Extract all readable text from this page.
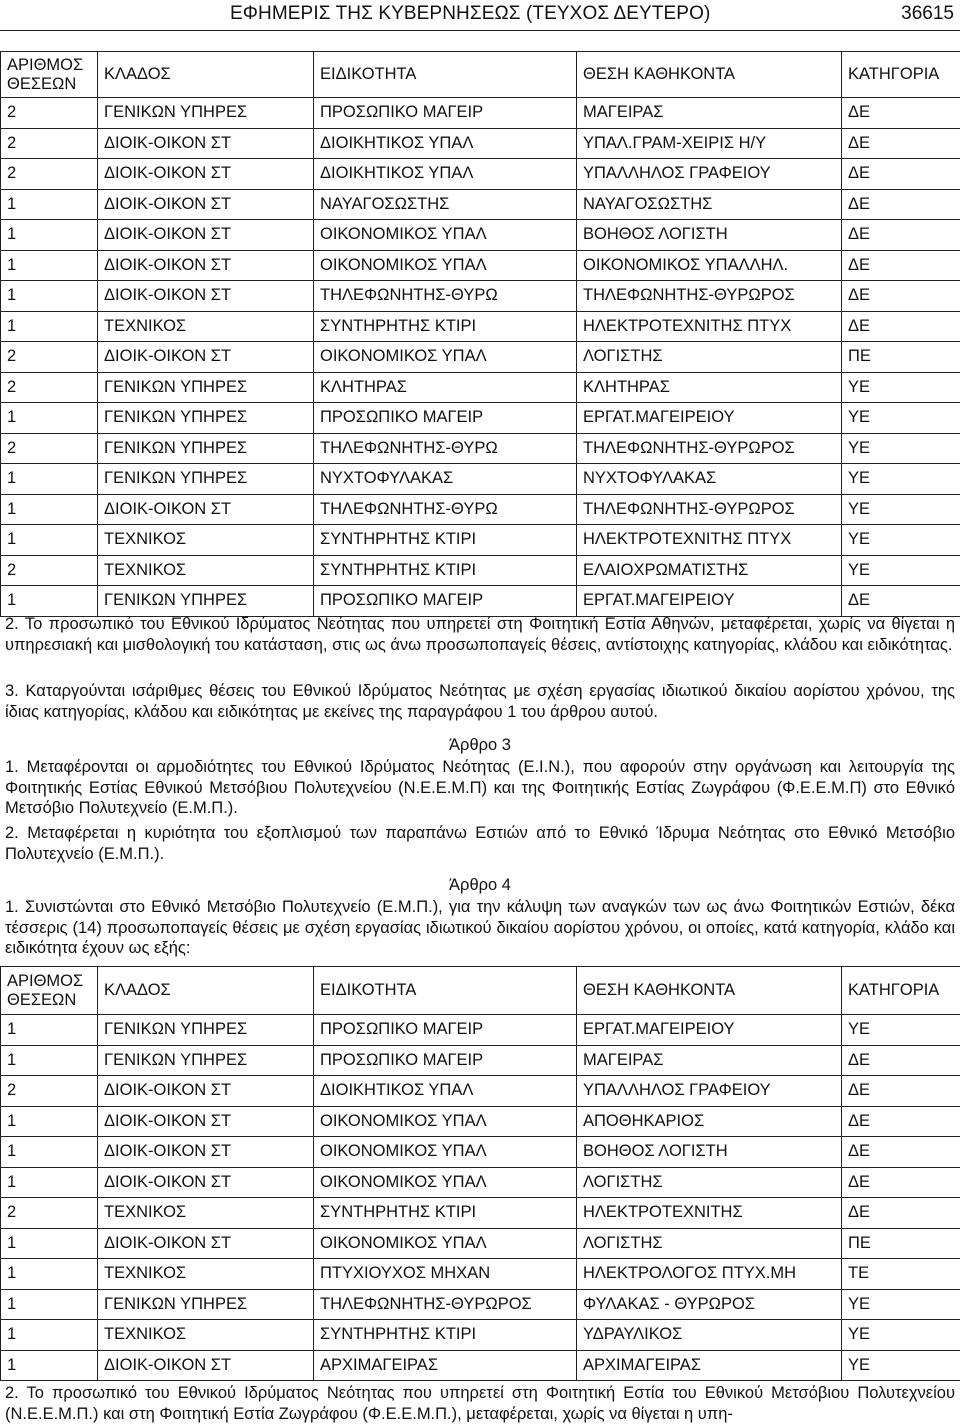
ΕΦΗΜΕΡΙΣ ΤΗΣ ΚΥΒΕΡΝΗΣΕΩΣ (ΤΕΥΧΟΣ ΔΕΥΤΕΡΟ)	36615
ΑΡΙΘΜΟΣ ΘΕΣΕΩΝ	ΚΛΑΔΟΣ	ΕΙΔΙΚΟΤΗΤΑ	ΘΕΣΗ ΚΑΘΗΚΟΝΤΑ	ΚΑΤΗΓΟΡΙΑ
2	ΓΕΝΙΚΩΝ ΥΠΗΡΕΣ	ΠΡΟΣΩΠΙΚΟ ΜΑΓΕΙΡ	ΜΑΓΕΙΡΑΣ	ΔΕ
2	ΔΙΟΙΚ-ΟΙΚΟΝ ΣΤ	ΔΙΟΙΚΗΤΙΚΟΣ ΥΠΑΛ	ΥΠΑΛ.ΓΡΑΜ-ΧΕΙΡΙΣ Η/Υ	ΔΕ
2	ΔΙΟΙΚ-ΟΙΚΟΝ ΣΤ	ΔΙΟΙΚΗΤΙΚΟΣ ΥΠΑΛ	ΥΠΑΛΛΗΛΟΣ ΓΡΑΦΕΙΟΥ	ΔΕ
1	ΔΙΟΙΚ-ΟΙΚΟΝ ΣΤ	ΝΑΥΑΓΟΣΩΣΤΗΣ	ΝΑΥΑΓΟΣΩΣΤΗΣ	ΔΕ
1	ΔΙΟΙΚ-ΟΙΚΟΝ ΣΤ	ΟΙΚΟΝΟΜΙΚΟΣ ΥΠΑΛ	ΒΟΗΘΟΣ ΛΟΓΙΣΤΗ	ΔΕ
1	ΔΙΟΙΚ-ΟΙΚΟΝ ΣΤ	ΟΙΚΟΝΟΜΙΚΟΣ ΥΠΑΛ	ΟΙΚΟΝΟΜΙΚΟΣ ΥΠΑΛΛΗΛ.	ΔΕ
1	ΔΙΟΙΚ-ΟΙΚΟΝ ΣΤ	ΤΗΛΕΦΩΝΗΤΗΣ-ΘΥΡΩ	ΤΗΛΕΦΩΝΗΤΗΣ-ΘΥΡΩΡΟΣ	ΔΕ
1	ΤΕΧΝΙΚΟΣ	ΣΥΝΤΗΡΗΤΗΣ ΚΤΙΡΙ	ΗΛΕΚΤΡΟΤΕΧΝΙΤΗΣ ΠΤΥΧ	ΔΕ
2	ΔΙΟΙΚ-ΟΙΚΟΝ ΣΤ	ΟΙΚΟΝΟΜΙΚΟΣ ΥΠΑΛ	ΛΟΓΙΣΤΗΣ	ΠΕ
2	ΓΕΝΙΚΩΝ ΥΠΗΡΕΣ	ΚΛΗΤΗΡΑΣ	ΚΛΗΤΗΡΑΣ	ΥΕ
1	ΓΕΝΙΚΩΝ ΥΠΗΡΕΣ	ΠΡΟΣΩΠΙΚΟ ΜΑΓΕΙΡ	ΕΡΓΑΤ.ΜΑΓΕΙΡΕΙΟΥ	ΥΕ
2	ΓΕΝΙΚΩΝ ΥΠΗΡΕΣ	ΤΗΛΕΦΩΝΗΤΗΣ-ΘΥΡΩ	ΤΗΛΕΦΩΝΗΤΗΣ-ΘΥΡΩΡΟΣ	ΥΕ
1	ΓΕΝΙΚΩΝ ΥΠΗΡΕΣ	ΝΥΧΤΟΦΥΛΑΚΑΣ	ΝΥΧΤΟΦΥΛΑΚΑΣ	ΥΕ
1	ΔΙΟΙΚ-ΟΙΚΟΝ ΣΤ	ΤΗΛΕΦΩΝΗΤΗΣ-ΘΥΡΩ	ΤΗΛΕΦΩΝΗΤΗΣ-ΘΥΡΩΡΟΣ	ΥΕ
1	ΤΕΧΝΙΚΟΣ	ΣΥΝΤΗΡΗΤΗΣ ΚΤΙΡΙ	ΗΛΕΚΤΡΟΤΕΧΝΙΤΗΣ ΠΤΥΧ	ΥΕ
2	ΤΕΧΝΙΚΟΣ	ΣΥΝΤΗΡΗΤΗΣ ΚΤΙΡΙ	ΕΛΑΙΟΧΡΩΜΑΤΙΣΤΗΣ	ΥΕ
1	ΓΕΝΙΚΩΝ ΥΠΗΡΕΣ	ΠΡΟΣΩΠΙΚΟ ΜΑΓΕΙΡ	ΕΡΓΑΤ.ΜΑΓΕΙΡΕΙΟΥ	ΔΕ
2. Το προσωπικό του Εθνικού Ιδρύματος Νεότητας που υπηρετεί στη Φοιτητική Εστία Αθηνών, μεταφέρεται, χωρίς να θίγεται η υπηρεσιακή και μισθολογική του κατάσταση, στις ως άνω προσωποπαγείς θέσεις, αντίστοιχης κατηγορίας, κλάδου και ειδικότητας.
3. Καταργούνται ισάριθμες θέσεις του Εθνικού Ιδρύματος Νεότητας με σχέση εργασίας ιδιωτικού δικαίου αορίστου χρόνου, της ίδιας κατηγορίας, κλάδου και ειδικότητας με εκείνες της παραγράφου 1 του άρθρου αυτού.
Άρθρο 3
1. Μεταφέρονται οι αρμοδιότητες του Εθνικού Ιδρύματος Νεότητας (Ε.Ι.Ν.), που αφορούν στην οργάνωση και λειτουργία της Φοιτητικής Εστίας Εθνικού Μετσόβιου Πολυτεχνείου (Ν.Ε.Ε.Μ.Π) και της Φοιτητικής Εστίας Ζωγράφου (Φ.Ε.Ε.Μ.Π) στο Εθνικό Μετσόβιο Πολυτεχνείο (Ε.Μ.Π.).
2. Μεταφέρεται η κυριότητα του εξοπλισμού των παραπάνω Εστιών από το Εθνικό Ίδρυμα Νεότητας στο Εθνικό Μετσόβιο Πολυτεχνείο (Ε.Μ.Π.).
Άρθρο 4
1. Συνιστώνται στο Εθνικό Μετσόβιο Πολυτεχνείο (Ε.Μ.Π.), για την κάλυψη των αναγκών των ως άνω Φοιτητικών Εστιών, δέκα τέσσερις (14) προσωποπαγείς θέσεις με σχέση εργασίας ιδιωτικού δικαίου αορίστου χρόνου, οι οποίες, κατά κατηγορία, κλάδο και ειδικότητα έχουν ως εξής:
ΑΡΙΘΜΟΣ ΘΕΣΕΩΝ	ΚΛΑΔΟΣ	ΕΙΔΙΚΟΤΗΤΑ	ΘΕΣΗ ΚΑΘΗΚΟΝΤΑ	ΚΑΤΗΓΟΡΙΑ
1	ΓΕΝΙΚΩΝ ΥΠΗΡΕΣ	ΠΡΟΣΩΠΙΚΟ ΜΑΓΕΙΡ	ΕΡΓΑΤ.ΜΑΓΕΙΡΕΙΟΥ	ΥΕ
1	ΓΕΝΙΚΩΝ ΥΠΗΡΕΣ	ΠΡΟΣΩΠΙΚΟ ΜΑΓΕΙΡ	ΜΑΓΕΙΡΑΣ	ΔΕ
2	ΔΙΟΙΚ-ΟΙΚΟΝ ΣΤ	ΔΙΟΙΚΗΤΙΚΟΣ ΥΠΑΛ	ΥΠΑΛΛΗΛΟΣ ΓΡΑΦΕΙΟΥ	ΔΕ
1	ΔΙΟΙΚ-ΟΙΚΟΝ ΣΤ	ΟΙΚΟΝΟΜΙΚΟΣ ΥΠΑΛ	ΑΠΟΘΗΚΑΡΙΟΣ	ΔΕ
1	ΔΙΟΙΚ-ΟΙΚΟΝ ΣΤ	ΟΙΚΟΝΟΜΙΚΟΣ ΥΠΑΛ	ΒΟΗΘΟΣ ΛΟΓΙΣΤΗ	ΔΕ
1	ΔΙΟΙΚ-ΟΙΚΟΝ ΣΤ	ΟΙΚΟΝΟΜΙΚΟΣ ΥΠΑΛ	ΛΟΓΙΣΤΗΣ	ΔΕ
2	ΤΕΧΝΙΚΟΣ	ΣΥΝΤΗΡΗΤΗΣ ΚΤΙΡΙ	ΗΛΕΚΤΡΟΤΕΧΝΙΤΗΣ	ΔΕ
1	ΔΙΟΙΚ-ΟΙΚΟΝ ΣΤ	ΟΙΚΟΝΟΜΙΚΟΣ ΥΠΑΛ	ΛΟΓΙΣΤΗΣ	ΠΕ
1	ΤΕΧΝΙΚΟΣ	ΠΤΥΧΙΟΥΧΟΣ ΜΗΧΑΝ	ΗΛΕΚΤΡΟΛΟΓΟΣ ΠΤΥΧ.ΜΗ	ΤΕ
1	ΓΕΝΙΚΩΝ ΥΠΗΡΕΣ	ΤΗΛΕΦΩΝΗΤΗΣ-ΘΥΡΩΡΟΣ	ΦΥΛΑΚΑΣ - ΘΥΡΩΡΟΣ	ΥΕ
1	ΤΕΧΝΙΚΟΣ	ΣΥΝΤΗΡΗΤΗΣ ΚΤΙΡΙ	ΥΔΡΑΥΛΙΚΟΣ	ΥΕ
1	ΔΙΟΙΚ-ΟΙΚΟΝ ΣΤ	ΑΡΧΙΜΑΓΕΙΡΑΣ	ΑΡΧΙΜΑΓΕΙΡΑΣ	ΥΕ
2. Το προσωπικό του Εθνικού Ιδρύματος Νεότητας που υπηρετεί στη Φοιτητική Εστία του Εθνικού Μετσόβιου Πολυτεχνείου (Ν.Ε.Ε.Μ.Π.) και στη Φοιτητική Εστία Ζωγράφου (Φ.Ε.Ε.Μ.Π.), μεταφέρεται, χωρίς να θίγεται η υπη-
